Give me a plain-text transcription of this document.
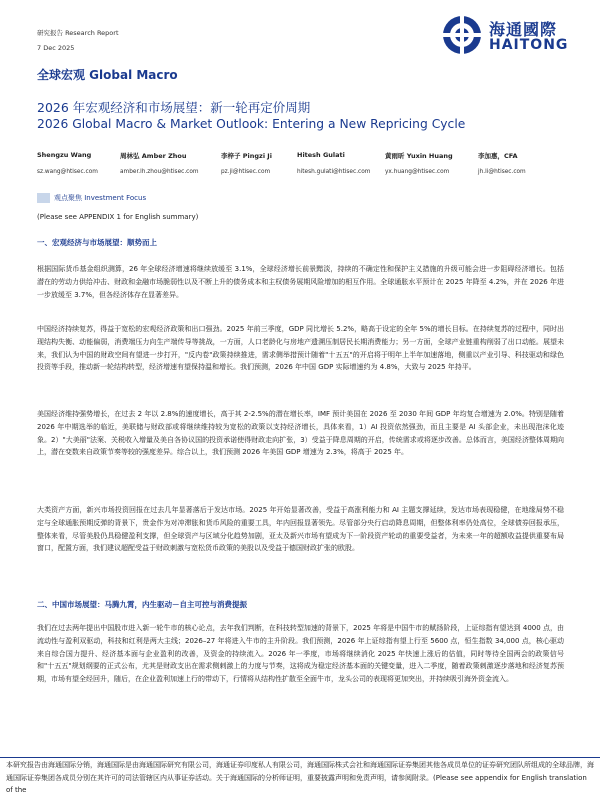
研究报告 Research Report
7 Dec 2025
海通國際
HAITONG
全球宏观 Global Macro
2026 年宏观经济和市场展望：新一轮再定价周期
2026 Global Macro & Market Outlook: Entering a New Repricing Cycle
Shengzu Wang	周林弘 Amber Zhou	李梓子 Pingzi Ji	Hitesh Gulati	黄雨昕 Yuxin Huang	李加惠，CFA
sz.wang@htisec.com	amber.lh.zhou@htisec.com	pz.ji@htisec.com	hitesh.gulati@htisec.com	yx.huang@htisec.com	jh.li@htisec.com
观点聚焦 Investment Focus
(Please see APPENDIX 1 for English summary)
一、宏观经济与市场展望：顺势而上
根据国际货币基金组织测算，26 年全球经济增速将继续放缓至 3.1%，全球经济增长前景黯淡，持续的不确定性和保护主义措施的升级可能会进一步阻碍经济增长。包括潜在的劳动力供给冲击、财政和金融市场脆弱性以及不断上升的债务成本和主权债务展期风险增加的相互作用。全球通胀水平预计在 2025 年降至 4.2%，并在 2026 年进一步放缓至 3.7%，但各经济体存在显著差异。
中国经济持续复苏，得益于宽松的宏观经济政策和出口强劲。2025 年前三季度，GDP 同比增长 5.2%，略高于设定的全年 5%的增长目标。在持续复苏的过程中，同时出现结构失衡、动能偏弱，消费端压力向生产端传导等挑战，一方面，人口老龄化与房地产遗溯压制居民长期消费能力；另一方面，全球产业链重构削弱了出口动能。展望未来，我们认为中国的财政空间有望进一步打开，"反内卷"政策持续推进，需求侧举措预计随着"十五五"的开启将于明年上半年加速落地，侧重以产业引导、科技驱动和绿色投资等手段，推动新一轮结构转型，经济增速有望保持温和增长。我们预测，2026 年中国 GDP 实际增速约为 4.8%，大致与 2025 年持平。
美国经济维持强势增长，在过去 2 年以 2.8%的速度增长，高于其 2-2.5%的潜在增长率，IMF 预计美国在 2026 至 2030 年间 GDP 年均复合增速为 2.0%。特别是随着 2026 年中期选举的临近，美联储与财政部或将继续维持较为宽松的政策以支持经济增长，具体来看，1）AI 投资依然强劲，而且主要是 AI 头部企业，未出现泡沫化迹象。2）"大美丽"法案、关税收入增量及美自各协议国的投资承诺使得财政走向扩张，3）受益于降息周期的开启，传统需求或将逐步改善。总体而言，美国经济整体周期向上，潜在变数来自政策节奏等较的强度差异。综合以上，我们预测 2026 年美国 GDP 增速为 2.3%，将高于 2025 年。
大类资产方面，新兴市场投资回报在过去几年显著落后于发达市场。2025 年开始显著改善，受益于高涨利能力和 AI 主题支撑延续，发达市场表现稳健，在地缘局势不稳定与全球通胀预期反弹的背景下，贵金作为对冲滞胀和货币风险的重要工具，年内回报显著领先。尽管部分央行启动降息周期，但整体利率仍处高位，全球债券回报承压，整体来看，尽管美股仍具稳健盈利支撑，但全球资产与区域分化趋势加剧，亚太及新兴市场有望成为下一阶段资产轮动的重要受益者，为未来一年的超额收益提供重要布局窗口，配置方面，我们建议超配受益于财政刺激与宽松货币政策的美股以及受益于德国财政扩张的欧股。
二、中国市场展望：马腾九霄，内生驱动－自主可控与消费提振
我们在过去两年提出中国股市进入新一轮牛市的核心论点，去年我们判断，在科技转型加速的背景下，2025 年将是中国牛市的赋扬阶段，上证综指有望达到 4000 点，由流动性与盈利双驱动，科技和红利是两大主线；2026–27 年将进入牛市的主升阶段。我们预测，2026 年上证综指有望上行至 5600 点，恒生指数 34,000 点，核心驱动来自综合国力提升、经济基本面与企业盈利的改善，及资金的持续流入。2026 年一季度，市场将继续消化 2025 年快速上涨后的估值，同时等待全国两会的政策信号和"十五五"规划纲要的正式公布，尤其是财政支出在需求侧刺激上的力度与节奏，这将成为稳定经济基本面的关键变量，进入二季度，随着政策刺激逐步落地和经济复苏预期，市场有望全经回升，随后，在企业盈利加速上行的带动下，行情将从结构性扩散至全面牛市，龙头公司的表现将更加突出，并持续吸引海外资金流入。
本研究报告由海通国际分销，海通国际是由海通国际研究有限公司，海通证券印度私人有限公司，海通国际株式会社和海通国际证券集团其他各成员单位的证券研究团队所组成的全球品牌，海通国际证券集团各成员分别在其许可的司法管辖区内从事证券活动。关于海通国际的分析师证明，重要披露声明和免责声明，请参阅附录。(Please see appendix for English translation of the
